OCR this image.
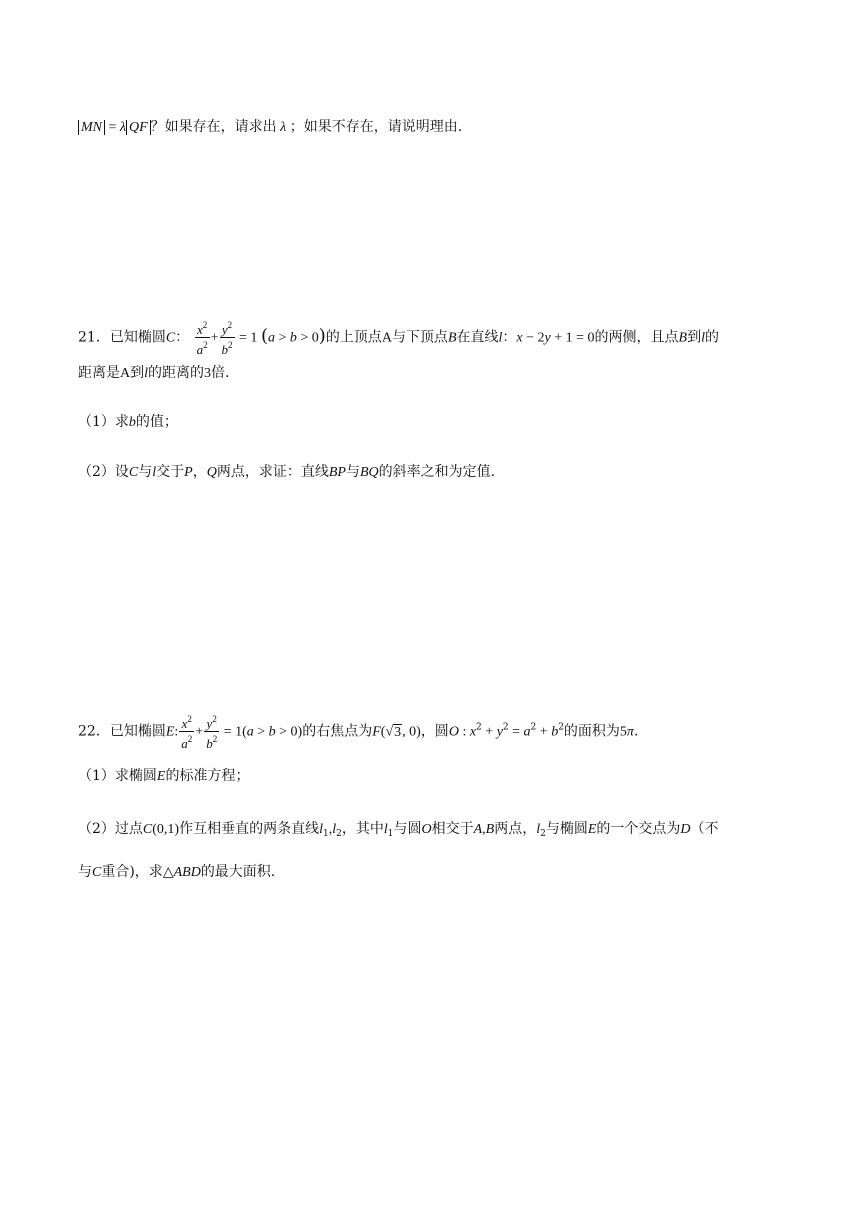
MN = λ QF ？如果存在，请求出 λ ；如果不存在，请说明理由.
21．已知椭圆C： $\frac{x^2}{a^2} + \frac{y^2}{b^2} = 1$ (a > b > 0)的上顶点A与下顶点B在直线l：x − 2y + 1 = 0的两侧，且点B到l的
距离是A到l的距离的3倍.
（1）求b的值；
（2）设C与l交于P，Q两点，求证：直线BP与BQ的斜率之和为定值.
22．已知椭圆E: $\frac{x^2}{a^2} + \frac{y^2}{b^2} = 1(a > b > 0)$的右焦点为F(√3, 0)，圆O : $x^2 + y^2 = a^2 + b^2$的面积为5π.
（1）求椭圆E的标准方程；
（2）过点C(0,1)作互相垂直的两条直线$l_1,l_2$，其中$l_1$与圆O相交于A,B两点，$l_2$与椭圆E的一个交点为D（不
与C重合)，求△ABD的最大面积.
